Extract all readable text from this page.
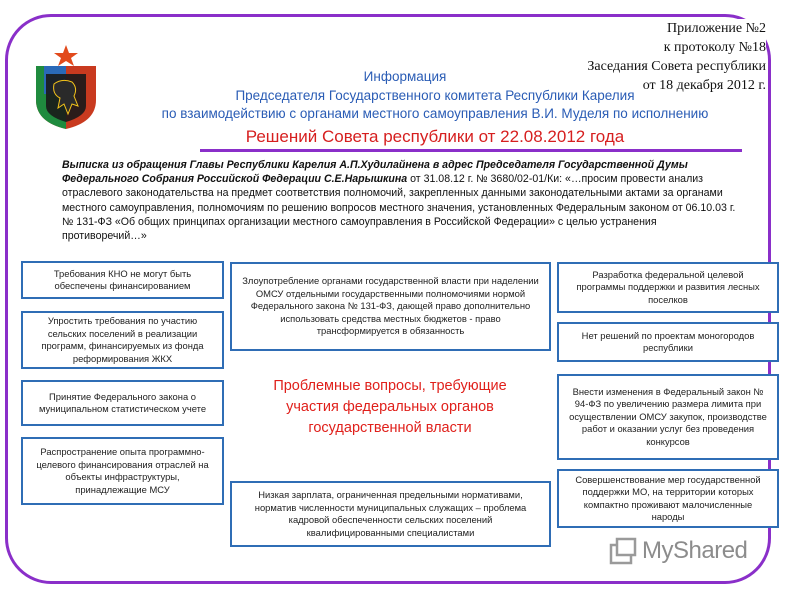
Приложение №2
к протоколу №18
Заседания Совета республики
от 18 декабря 2012 г.
Информация
Председателя Государственного комитета Республики Карелия
по взаимодействию с органами местного самоуправления В.И. Муделя по исполнению
Решений Совета республики от 22.08.2012 года
Выписка из обращения Главы Республики Карелия А.П.Худилайнена в адрес Председателя Государственной Думы Федерального Собрания Российской Федерации С.Е.Нарышкина от 31.08.12 г. № 3680/02-01/Ки: «…просим провести анализ отраслевого законодательства на предмет соответствия полномочий, закрепленных данными законодательными актами за органами местного самоуправления, полномочиям по решению вопросов местного значения, установленных Федеральным законом от 06.10.03 г. № 131-ФЗ «Об общих принципах организации местного самоуправления в Российской Федерации» с целью устранения противоречий…»
Требования КНО не могут быть обеспечены финансированием
Упростить требования по участию сельских поселений в реализации программ, финансируемых из фонда реформирования ЖКХ
Принятие Федерального закона о муниципальном статистическом учете
Распространение опыта программно-целевого финансирования отраслей на объекты инфраструктуры, принадлежащие МСУ
Злоупотребление органами государственной власти при наделении ОМСУ отдельными государственными полномочиями нормой Федерального закона № 131-ФЗ, дающей право дополнительно использовать средства местных бюджетов - право трансформируется в обязанность
Проблемные вопросы, требующие участия федеральных органов государственной власти
Низкая зарплата, ограниченная предельными нормативами, норматив численности муниципальных служащих – проблема кадровой обеспеченности сельских поселений квалифицированными специалистами
Разработка федеральной целевой программы поддержки и развития лесных поселков
Нет решений по проектам моногородов республики
Внести изменения в Федеральный закон № 94-ФЗ по увеличению размера лимита при осуществлении ОМСУ закупок, производстве работ и оказании услуг без проведения конкурсов
Совершенствование мер государственной поддержки МО, на территории которых компактно проживают малочисленные народы
MyShared
